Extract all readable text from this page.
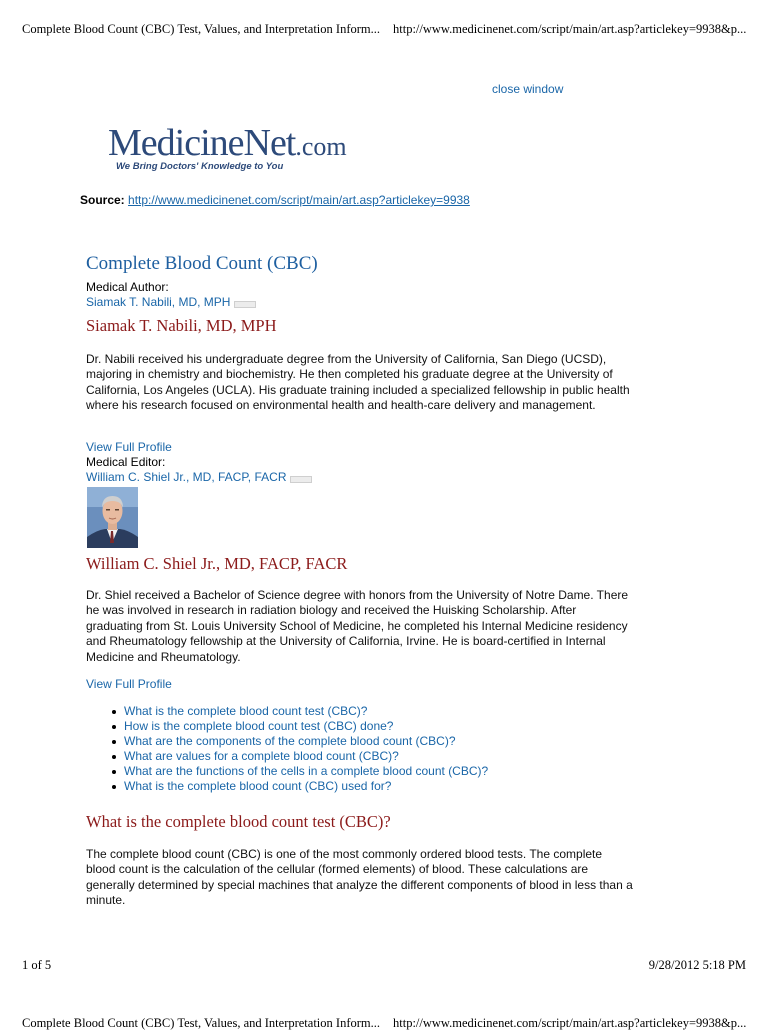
Complete Blood Count (CBC) Test, Values, and Interpretation Inform... http://www.medicinenet.com/script/main/art.asp?articlekey=9938&p...
close window
MedicineNet.com
We Bring Doctors' Knowledge to You
Source: http://www.medicinenet.com/script/main/art.asp?articlekey=9938
Complete Blood Count (CBC)
Medical Author:
Siamak T. Nabili, MD, MPH
Siamak T. Nabili, MD, MPH
Dr. Nabili received his undergraduate degree from the University of California, San Diego (UCSD), majoring in chemistry and biochemistry. He then completed his graduate degree at the University of California, Los Angeles (UCLA). His graduate training included a specialized fellowship in public health where his research focused on environmental health and health-care delivery and management.
View Full Profile
Medical Editor:
William C. Shiel Jr., MD, FACP, FACR
William C. Shiel Jr., MD, FACP, FACR
Dr. Shiel received a Bachelor of Science degree with honors from the University of Notre Dame. There he was involved in research in radiation biology and received the Huisking Scholarship. After graduating from St. Louis University School of Medicine, he completed his Internal Medicine residency and Rheumatology fellowship at the University of California, Irvine. He is board-certified in Internal Medicine and Rheumatology.
View Full Profile
What is the complete blood count test (CBC)?
How is the complete blood count test (CBC) done?
What are the components of the complete blood count (CBC)?
What are values for a complete blood count (CBC)?
What are the functions of the cells in a complete blood count (CBC)?
What is the complete blood count (CBC) used for?
What is the complete blood count test (CBC)?
The complete blood count (CBC) is one of the most commonly ordered blood tests. The complete blood count is the calculation of the cellular (formed elements) of blood. These calculations are generally determined by special machines that analyze the different components of blood in less than a minute.
1 of 5	9/28/2012 5:18 PM
Complete Blood Count (CBC) Test, Values, and Interpretation Inform... http://www.medicinenet.com/script/main/art.asp?articlekey=9938&p...
